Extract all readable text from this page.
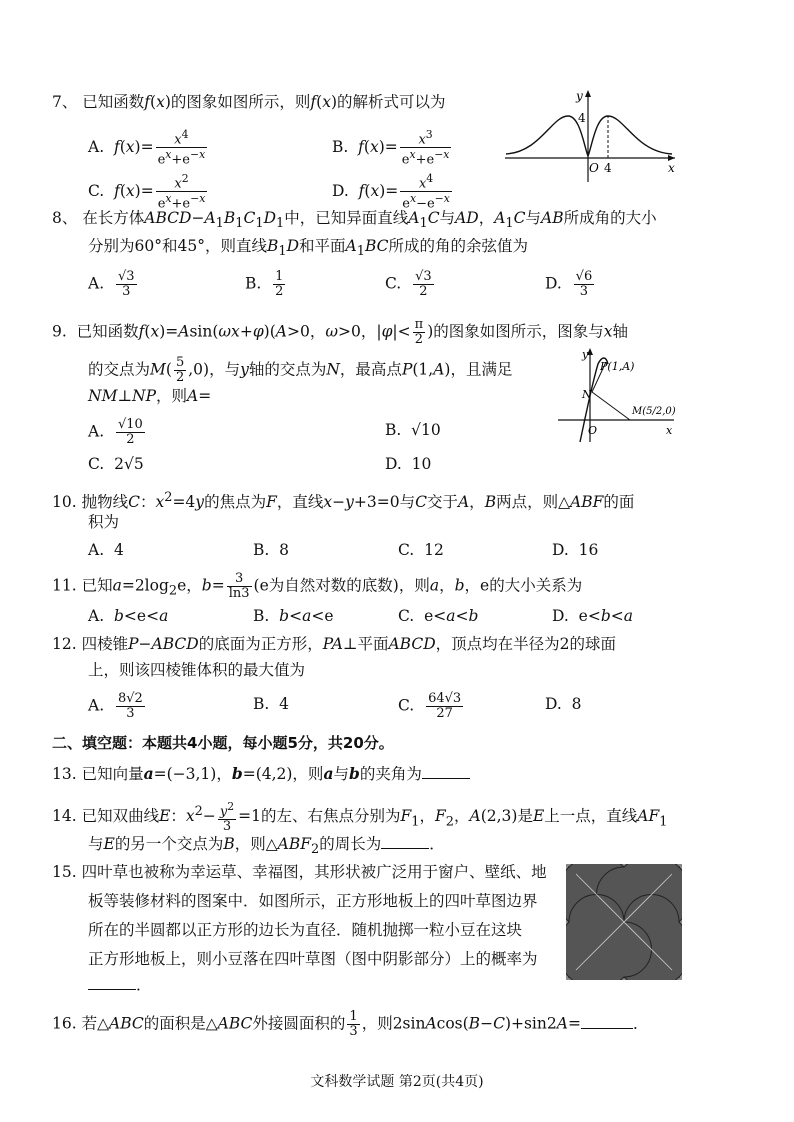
7、 已知函数f(x)的图象如图所示，则f(x)的解析式可以为
A.  $f(x)= \frac{x^4}{e^x+e^{-x}}$	B.  $f(x)= \frac{x^3}{e^x+e^{-x}}$
C.  $f(x)= \frac{x^2}{e^x+e^{-x}}$	D.  $f(x)= \frac{x^4}{e^x-e^{-x}}$
y
x
O
4
4
8、 在长方体$ABCD-A_1B_1C_1D_1$中，已知异面直线$A_1C$与AD，$A_1C$与AB所成角的大小
分别为60°和45°，则直线$B_1D$和平面$A_1BC$所成的角的余弦值为
A. $\frac{√3}{3}$	B. $\frac{1}{2}$	C. $\frac{√3}{2}$	D. $\frac{√6}{3}$
9.  已知函数f(x)=Asin(ωx+φ)(A>0，ω>0，$|\varphi|< \frac{\pi}{2}$ )的图象如图所示，图象与x轴
的交点为$M( \frac{5}{2} ,0)$，与y轴的交点为N，最高点P(1,A)，且满足
NM⊥NP，则A=
A. $\frac{√10}{2}$	B.  √10
C.  2√5	D.  10
y
P(1,A)
N
M(5/2,0)
O	x
10. 抛物线C：$x^2=4y$的焦点为F，直线x−y+3=0与C交于A，B两点，则△ABF的面
积为
A.  4	B.  8	C.  12	D.  16
11. 已知$a=2\log_2e$，$b= \frac{3}{\ln 3} (e$为自然对数的底数)，则a，b，e的大小关系为
A.  b<e<a	B.  b<a<e	C.  e<a<b	D.  e<b<a
12. 四棱锥P−ABCD的底面为正方形，PA⊥平面ABCD，顶点均在半径为2的球面
上，则该四棱锥体积的最大值为
A. $\frac{8√2}{3}$	B.  4	C. $\frac{64√3}{27}$	D.  8
二、填空题：本题共4小题，每小题5分，共20分。
13. 已知向量a=(−3,1)，b=(4,2)，则a与b的夹角为
14. 已知双曲线E：$x^2- \frac{y^2}{3} =1$的左、右焦点分别为$F_1$，$F_2$，A(2,3)是E上一点，直线$AF_1$
与E的另一个交点为B，则$\triangle ABF_2$的周长为	．
15. 四叶草也被称为幸运草、幸福图，其形状被广泛用于窗户、壁纸、地
板等装修材料的图案中．如图所示，正方形地板上的四叶草图边界
所在的半圆都以正方形的边长为直径．随机抛掷一粒小豆在这块
正方形地板上，则小豆落在四叶草图（图中阴影部分）上的概率为
．
16. 若△ABC的面积是△ABC外接圆面积的 $\frac{1}{3}$ ，则2sinAcos(B−C)+sin2A=	．
文科数学试题 第2页(共4页)
